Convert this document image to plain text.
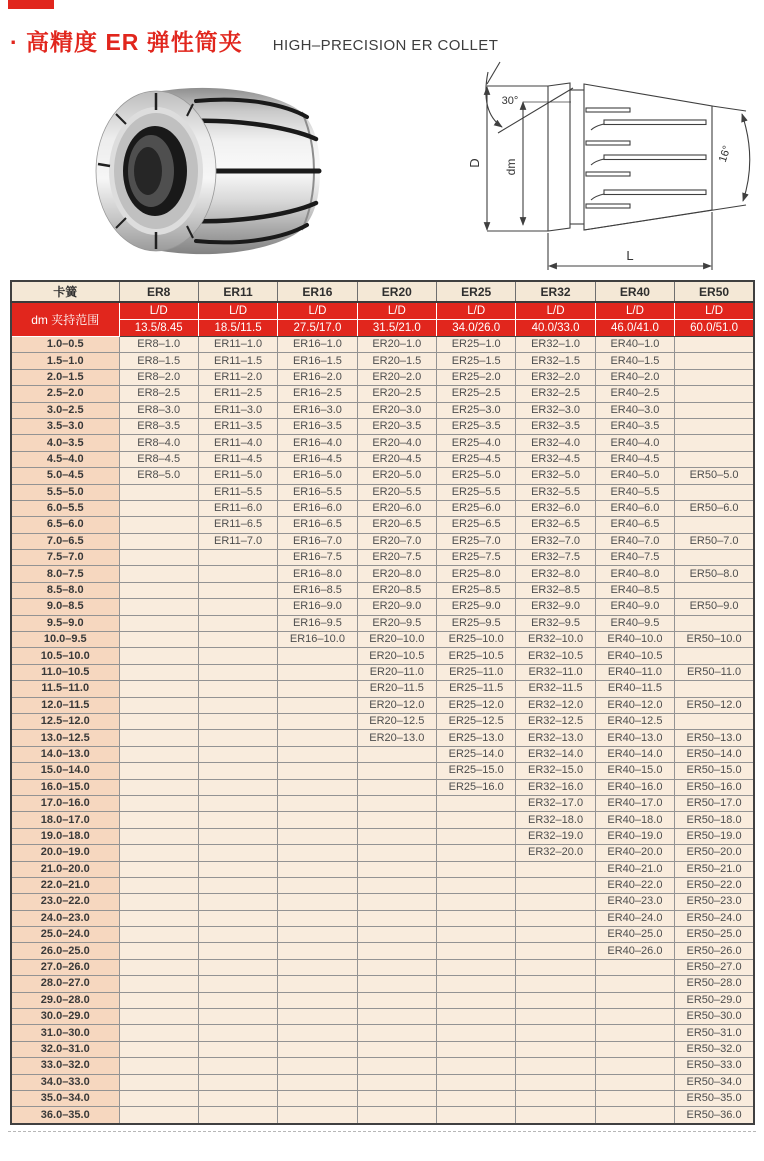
· 高精度 ER 弹性筒夹 HIGH–PRECISION ER COLLET
D dm
30°
16°
L
卡簧	ER8	ER11	ER16	ER20	ER25	ER32	ER40	ER50
dm 夹持范围	L/D	L/D	L/D	L/D	L/D	L/D	L/D	L/D
	13.5/8.45	18.5/11.5	27.5/17.0	31.5/21.0	34.0/26.0	40.0/33.0	46.0/41.0	60.0/51.0
1.0–0.5	ER8–1.0	ER11–1.0	ER16–1.0	ER20–1.0	ER25–1.0	ER32–1.0	ER40–1.0	
1.5–1.0	ER8–1.5	ER11–1.5	ER16–1.5	ER20–1.5	ER25–1.5	ER32–1.5	ER40–1.5	
2.0–1.5	ER8–2.0	ER11–2.0	ER16–2.0	ER20–2.0	ER25–2.0	ER32–2.0	ER40–2.0	
2.5–2.0	ER8–2.5	ER11–2.5	ER16–2.5	ER20–2.5	ER25–2.5	ER32–2.5	ER40–2.5	
3.0–2.5	ER8–3.0	ER11–3.0	ER16–3.0	ER20–3.0	ER25–3.0	ER32–3.0	ER40–3.0	
3.5–3.0	ER8–3.5	ER11–3.5	ER16–3.5	ER20–3.5	ER25–3.5	ER32–3.5	ER40–3.5	
4.0–3.5	ER8–4.0	ER11–4.0	ER16–4.0	ER20–4.0	ER25–4.0	ER32–4.0	ER40–4.0	
4.5–4.0	ER8–4.5	ER11–4.5	ER16–4.5	ER20–4.5	ER25–4.5	ER32–4.5	ER40–4.5	
5.0–4.5	ER8–5.0	ER11–5.0	ER16–5.0	ER20–5.0	ER25–5.0	ER32–5.0	ER40–5.0	ER50–5.0
5.5–5.0		ER11–5.5	ER16–5.5	ER20–5.5	ER25–5.5	ER32–5.5	ER40–5.5	
6.0–5.5		ER11–6.0	ER16–6.0	ER20–6.0	ER25–6.0	ER32–6.0	ER40–6.0	ER50–6.0
6.5–6.0		ER11–6.5	ER16–6.5	ER20–6.5	ER25–6.5	ER32–6.5	ER40–6.5	
7.0–6.5		ER11–7.0	ER16–7.0	ER20–7.0	ER25–7.0	ER32–7.0	ER40–7.0	ER50–7.0
7.5–7.0			ER16–7.5	ER20–7.5	ER25–7.5	ER32–7.5	ER40–7.5	
8.0–7.5			ER16–8.0	ER20–8.0	ER25–8.0	ER32–8.0	ER40–8.0	ER50–8.0
8.5–8.0			ER16–8.5	ER20–8.5	ER25–8.5	ER32–8.5	ER40–8.5	
9.0–8.5			ER16–9.0	ER20–9.0	ER25–9.0	ER32–9.0	ER40–9.0	ER50–9.0
9.5–9.0			ER16–9.5	ER20–9.5	ER25–9.5	ER32–9.5	ER40–9.5	
10.0–9.5			ER16–10.0	ER20–10.0	ER25–10.0	ER32–10.0	ER40–10.0	ER50–10.0
10.5–10.0				ER20–10.5	ER25–10.5	ER32–10.5	ER40–10.5	
11.0–10.5				ER20–11.0	ER25–11.0	ER32–11.0	ER40–11.0	ER50–11.0
11.5–11.0				ER20–11.5	ER25–11.5	ER32–11.5	ER40–11.5	
12.0–11.5				ER20–12.0	ER25–12.0	ER32–12.0	ER40–12.0	ER50–12.0
12.5–12.0				ER20–12.5	ER25–12.5	ER32–12.5	ER40–12.5	
13.0–12.5				ER20–13.0	ER25–13.0	ER32–13.0	ER40–13.0	ER50–13.0
14.0–13.0					ER25–14.0	ER32–14.0	ER40–14.0	ER50–14.0
15.0–14.0					ER25–15.0	ER32–15.0	ER40–15.0	ER50–15.0
16.0–15.0					ER25–16.0	ER32–16.0	ER40–16.0	ER50–16.0
17.0–16.0						ER32–17.0	ER40–17.0	ER50–17.0
18.0–17.0						ER32–18.0	ER40–18.0	ER50–18.0
19.0–18.0						ER32–19.0	ER40–19.0	ER50–19.0
20.0–19.0						ER32–20.0	ER40–20.0	ER50–20.0
21.0–20.0							ER40–21.0	ER50–21.0
22.0–21.0							ER40–22.0	ER50–22.0
23.0–22.0							ER40–23.0	ER50–23.0
24.0–23.0							ER40–24.0	ER50–24.0
25.0–24.0							ER40–25.0	ER50–25.0
26.0–25.0							ER40–26.0	ER50–26.0
27.0–26.0								ER50–27.0
28.0–27.0								ER50–28.0
29.0–28.0								ER50–29.0
30.0–29.0								ER50–30.0
31.0–30.0								ER50–31.0
32.0–31.0								ER50–32.0
33.0–32.0								ER50–33.0
34.0–33.0								ER50–34.0
35.0–34.0								ER50–35.0
36.0–35.0								ER50–36.0
